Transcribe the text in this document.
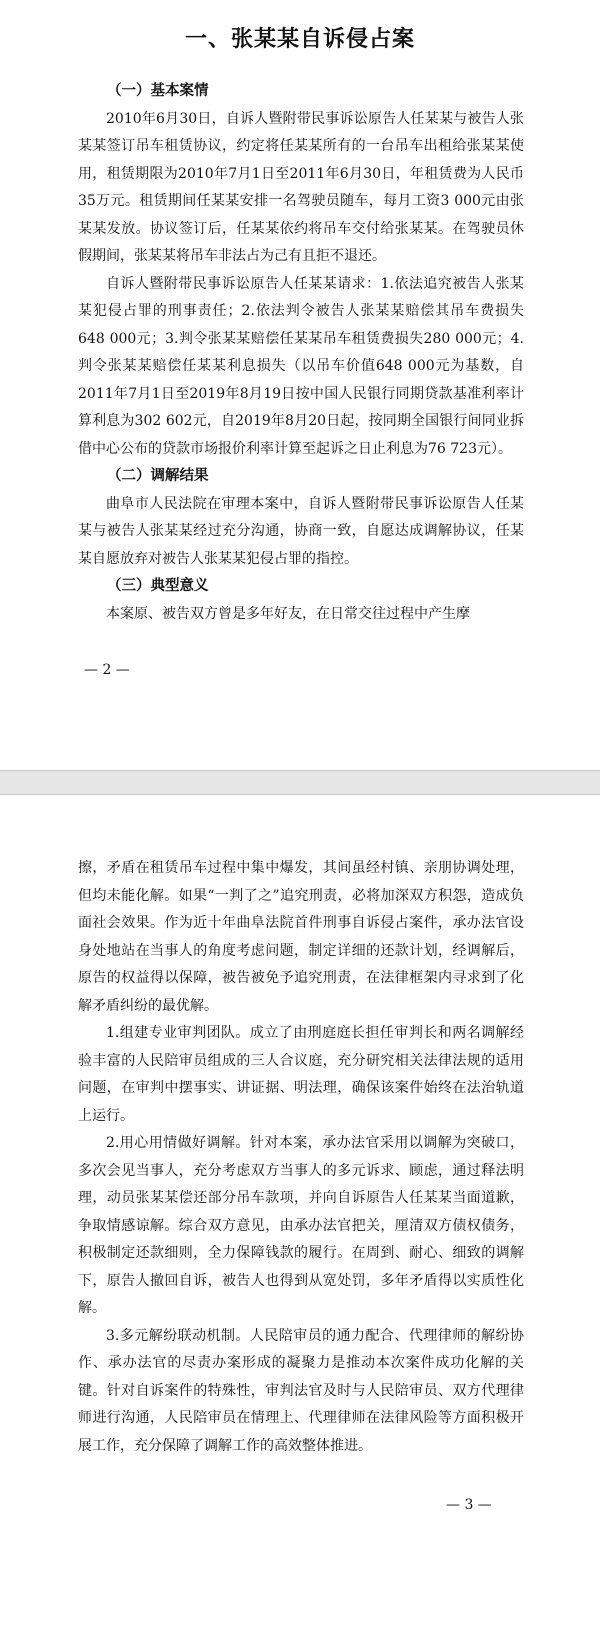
一、张某某自诉侵占案
（一）基本案情

2010年6月30日，自诉人暨附带民事诉讼原告人任某某与被告人张某某签订吊车租赁协议，约定将任某某所有的一台吊车出租给张某某使用，租赁期限为2010年7月1日至2011年6月30日，年租赁费为人民币35万元。租赁期间任某某安排一名驾驶员随车，每月工资3 000元由张某某发放。协议签订后，任某某依约将吊车交付给张某某。在驾驶员休假期间，张某某将吊车非法占为己有且拒不退还。

自诉人暨附带民事诉讼原告人任某某请求：1.依法追究被告人张某某犯侵占罪的刑事责任；2.依法判令被告人张某某赔偿其吊车费损失648 000元；3.判令张某某赔偿任某某吊车租赁费损失280 000元；4.判令张某某赔偿任某某利息损失（以吊车价值648 000元为基数，自2011年7月1日至2019年8月19日按中国人民银行同期贷款基准利率计算利息为302 602元，自2019年8月20日起，按同期全国银行间同业拆借中心公布的贷款市场报价利率计算至起诉之日止利息为76 723元）。

（二）调解结果

曲阜市人民法院在审理本案中，自诉人暨附带民事诉讼原告人任某某与被告人张某某经过充分沟通，协商一致，自愿达成调解协议，任某某自愿放弃对被告人张某某犯侵占罪的指控。

（三）典型意义

本案原、被告双方曾是多年好友，在日常交往过程中产生摩

— 2 —

擦，矛盾在租赁吊车过程中集中爆发，其间虽经村镇、亲朋协调处理，但均未能化解。如果“一判了之”追究刑责，必将加深双方积怨，造成负面社会效果。作为近十年曲阜法院首件刑事自诉侵占案件，承办法官设身处地站在当事人的角度考虑问题，制定详细的还款计划，经调解后，原告的权益得以保障，被告被免予追究刑责，在法律框架内寻求到了化解矛盾纠纷的最优解。

1.组建专业审判团队。成立了由刑庭庭长担任审判长和两名调解经验丰富的人民陪审员组成的三人合议庭，充分研究相关法律法规的适用问题，在审判中摆事实、讲证据、明法理，确保该案件始终在法治轨道上运行。

2.用心用情做好调解。针对本案，承办法官采用以调解为突破口，多次会见当事人，充分考虑双方当事人的多元诉求、顾虑，通过释法明理，动员张某某偿还部分吊车款项，并向自诉原告人任某某当面道歉，争取情感谅解。综合双方意见，由承办法官把关，厘清双方债权债务，积极制定还款细则，全力保障钱款的履行。在周到、耐心、细致的调解下，原告人撤回自诉，被告人也得到从宽处罚，多年矛盾得以实质性化解。

3.多元解纷联动机制。人民陪审员的通力配合、代理律师的解纷协作、承办法官的尽责办案形成的凝聚力是推动本次案件成功化解的关键。针对自诉案件的特殊性，审判法官及时与人民陪审员、双方代理律师进行沟通，人民陪审员在情理上、代理律师在法律风险等方面积极开展工作，充分保障了调解工作的高效整体推进。

— 3 —
